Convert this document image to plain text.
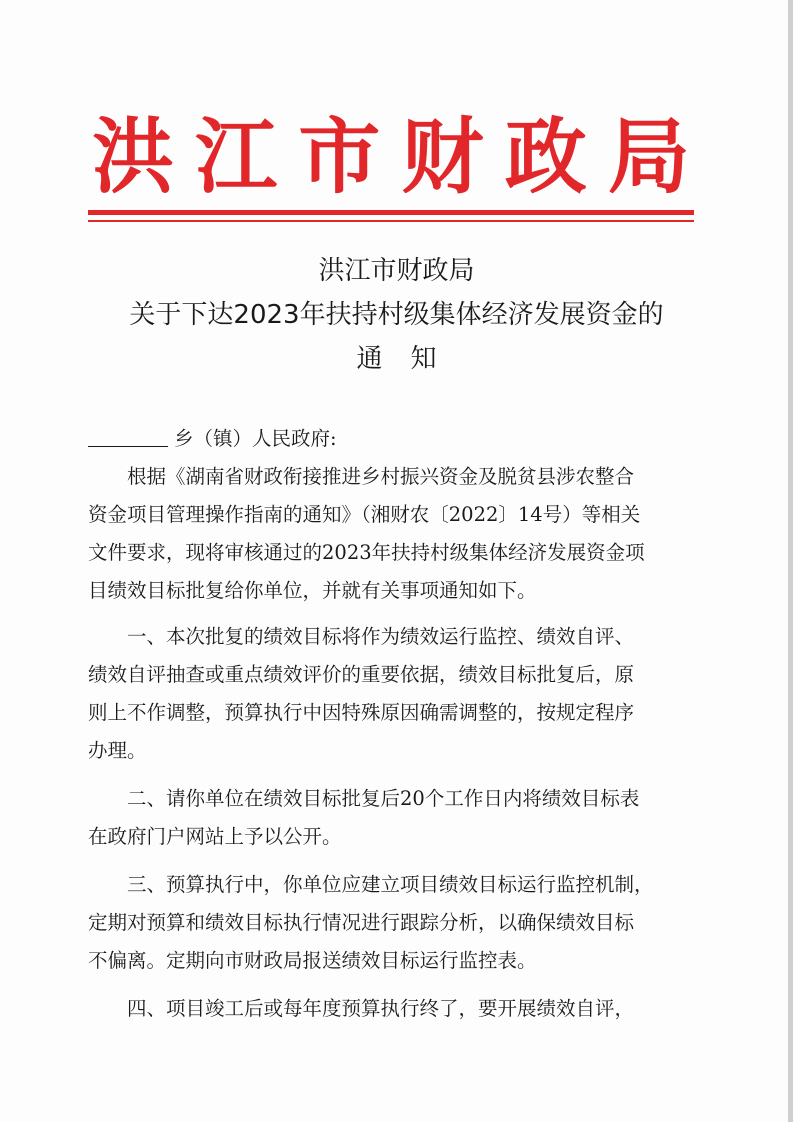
洪 江 市 财 政 局
洪江市财政局
关于下达2023年扶持村级集体经济发展资金的
通知
乡（镇）人民政府:
根据《湖南省财政衔接推进乡村振兴资金及脱贫县涉农整合
资金项目管理操作指南的通知》（湘财农〔2022〕14号）等相关
文件要求，现将审核通过的2023年扶持村级集体经济发展资金项
目绩效目标批复给你单位，并就有关事项通知如下。
一、本次批复的绩效目标将作为绩效运行监控、绩效自评、
绩效自评抽查或重点绩效评价的重要依据，绩效目标批复后，原
则上不作调整，预算执行中因特殊原因确需调整的，按规定程序
办理。
二、请你单位在绩效目标批复后20个工作日内将绩效目标表
在政府门户网站上予以公开。
三、预算执行中，你单位应建立项目绩效目标运行监控机制，
定期对预算和绩效目标执行情况进行跟踪分析，以确保绩效目标
不偏离。定期向市财政局报送绩效目标运行监控表。
四、项目竣工后或每年度预算执行终了，要开展绩效自评，
